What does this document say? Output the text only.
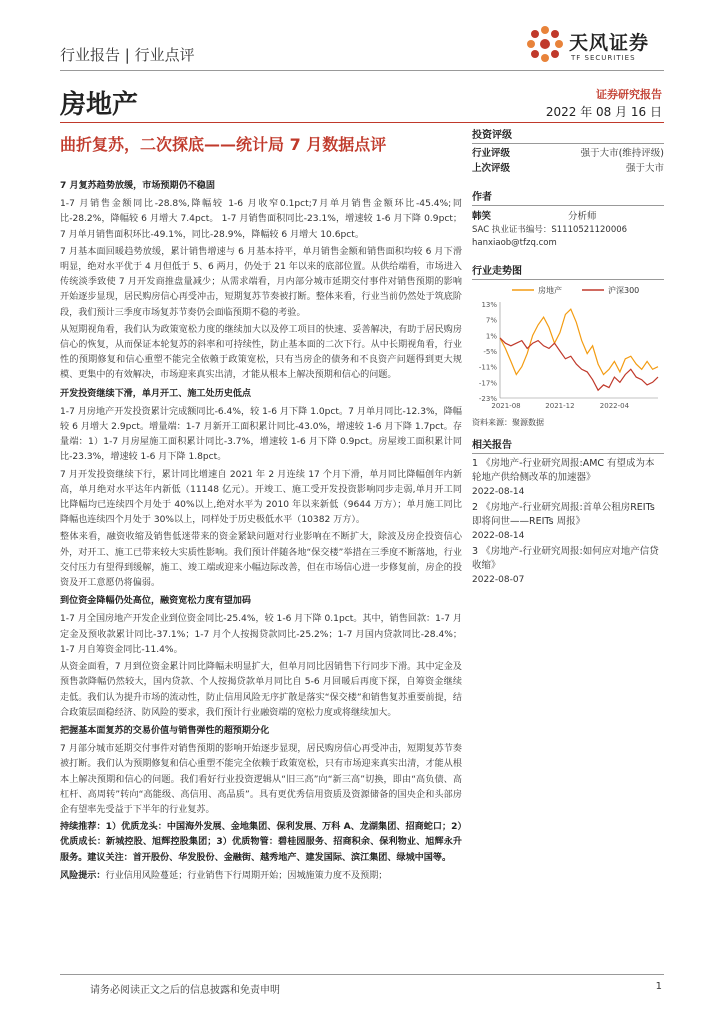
天风证券
TF SECURITIES
行业报告 | 行业点评
房地产	证券研究报告
2022 年 08 月 16 日
曲折复苏，二次探底——统计局 7 月数据点评
7 月复苏趋势放缓，市场预期仍不稳固

1-7 月销售金额同比-28.8%,降幅较 1-6 月收窄0.1pct;7月单月销售金额环比-45.4%;同比-28.2%，降幅较 6 月增大 7.4pct。 1-7 月销售面积同比-23.1%，增速较 1-6 月下降 0.9pct；7 月单月销售面积环比-49.1%，同比-28.9%，降幅较 6 月增大 10.6pct。

7 月基本面回暖趋势放缓，累计销售增速与 6 月基本持平，单月销售金额和销售面积均较 6 月下滑明显，绝对水平优于 4 月但低于 5、6 两月，仍处于 21 年以来的底部位置。从供给端看，市场进入传统淡季致使 7 月开发商推盘量减少；从需求端看，月内部分城市延期交付事件对销售预期的影响开始逐步显现，居民购房信心再受冲击，短期复苏节奏被打断。整体来看，行业当前仍然处于筑底阶段，我们预计三季度市场复苏节奏仍会面临预期不稳的考验。

从短期视角看，我们认为政策宽松力度的继续加大以及停工项目的快速、妥善解决，有助于居民购房信心的恢复，从而保证本轮复苏的斜率和可持续性，防止基本面的二次下行。从中长期视角看，行业性的预期修复和信心重塑不能完全依赖于政策宽松，只有当房企的债务和不良资产问题得到更大规模、更集中的有效解决，市场迎来真实出清，才能从根本上解决预期和信心的问题。

开发投资继续下滑，单月开工、施工处历史低点

1-7 月房地产开发投资累计完成额同比-6.4%，较 1-6 月下降 1.0pct。7 月单月同比-12.3%，降幅较 6 月增大 2.9pct。增量端：1-7 月新开工面积累计同比-43.0%，增速较 1-6 月下降 1.7pct。存量端：1）1-7 月房屋施工面积累计同比-3.7%，增速较 1-6 月下降 0.9pct。房屋竣工面积累计同比-23.3%，增速较 1-6 月下降 1.8pct。

7 月开发投资继续下行，累计同比增速自 2021 年 2 月连续 17 个月下滑，单月同比降幅创年内新高，单月绝对水平达年内新低（11148 亿元）。开竣工、施工受开发投资影响同步走弱,单月开工同比降幅均已连续四个月处于 40%以上,绝对水平为 2010 年以来新低（9644 万方）；单月施工同比降幅也连续四个月处于 30%以上，同样处于历史极低水平（10382 万方）。

整体来看，融资收缩及销售低迷带来的资金紧缺问题对行业影响在不断扩大，除波及房企投资信心外，对开工、施工已带来较大实质性影响。我们预计伴随各地“保交楼”举措在三季度不断落地，行业交付压力有望得到缓解，施工、竣工端或迎来小幅边际改善，但在市场信心进一步修复前，房企的投资及开工意愿仍将偏弱。

到位资金降幅仍处高位，融资宽松力度有望加码

1-7 月全国房地产开发企业到位资金同比-25.4%，较 1-6 月下降 0.1pct。其中，销售回款：1-7 月定金及预收款累计同比-37.1%；1-7 月个人按揭贷款同比-25.2%；1-7 月国内贷款同比-28.4%；1-7 月自筹资金同比-11.4%。

从资金面看，7 月到位资金累计同比降幅未明显扩大，但单月同比因销售下行同步下滑。其中定金及预售款降幅仍然较大，国内贷款、个人按揭贷款单月同比自 5-6 月回暖后再度下探，自筹资金继续走低。我们认为提升市场的流动性，防止信用风险无序扩散是落实“保交楼”和销售复苏重要前提，结合政策层面稳经济、防风险的要求，我们预计行业融资端的宽松力度或将继续加大。

把握基本面复苏的交易价值与销售弹性的超预期分化

7 月部分城市延期交付事件对销售预期的影响开始逐步显现，居民购房信心再受冲击，短期复苏节奏被打断。我们认为预期修复和信心重塑不能完全依赖于政策宽松，只有市场迎来真实出清，才能从根本上解决预期和信心的问题。我们看好行业投资逻辑从“旧三高”向“新三高”切换，即由“高负债、高杠杆、高周转”转向“高能级、高信用、高品质”。具有更优秀信用资质及资源储备的国央企和头部房企有望率先受益于下半年的行业复苏。

持续推荐：1）优质龙头：中国海外发展、金地集团、保利发展、万科 A、龙湖集团、招商蛇口；2）优质成长：新城控股、旭辉控股集团；3）优质物管：碧桂园服务、招商积余、保利物业、旭辉永升服务。建议关注：首开股份、华发股份、金融街、越秀地产、建发国际、滨江集团、绿城中国等。

风险提示：行业信用风险蔓延；行业销售下行周期开始；因城施策力度不及预期；

投资评级
行业评级	强于大市(维持评级)
上次评级	强于大市
作者
韩笑	分析师
SAC 执业证书编号：S1110521120006
hanxiaob@tfzq.com
行业走势图
房地产	沪深300
13%
7%
1%
-5%
-11%
-17%
-23%
2021-08	2021-12	2022-04
资料来源：聚源数据
相关报告
1 《房地产-行业研究周报:AMC 有望成为本轮地产供给侧改革的加速器》
2022-08-14
2 《房地产-行业研究周报:首单公租房REITs 即将问世——REITs 周报》
2022-08-14
3 《房地产-行业研究周报:如何应对地产信贷收缩》
2022-08-07
请务必阅读正文之后的信息披露和免责申明	1
